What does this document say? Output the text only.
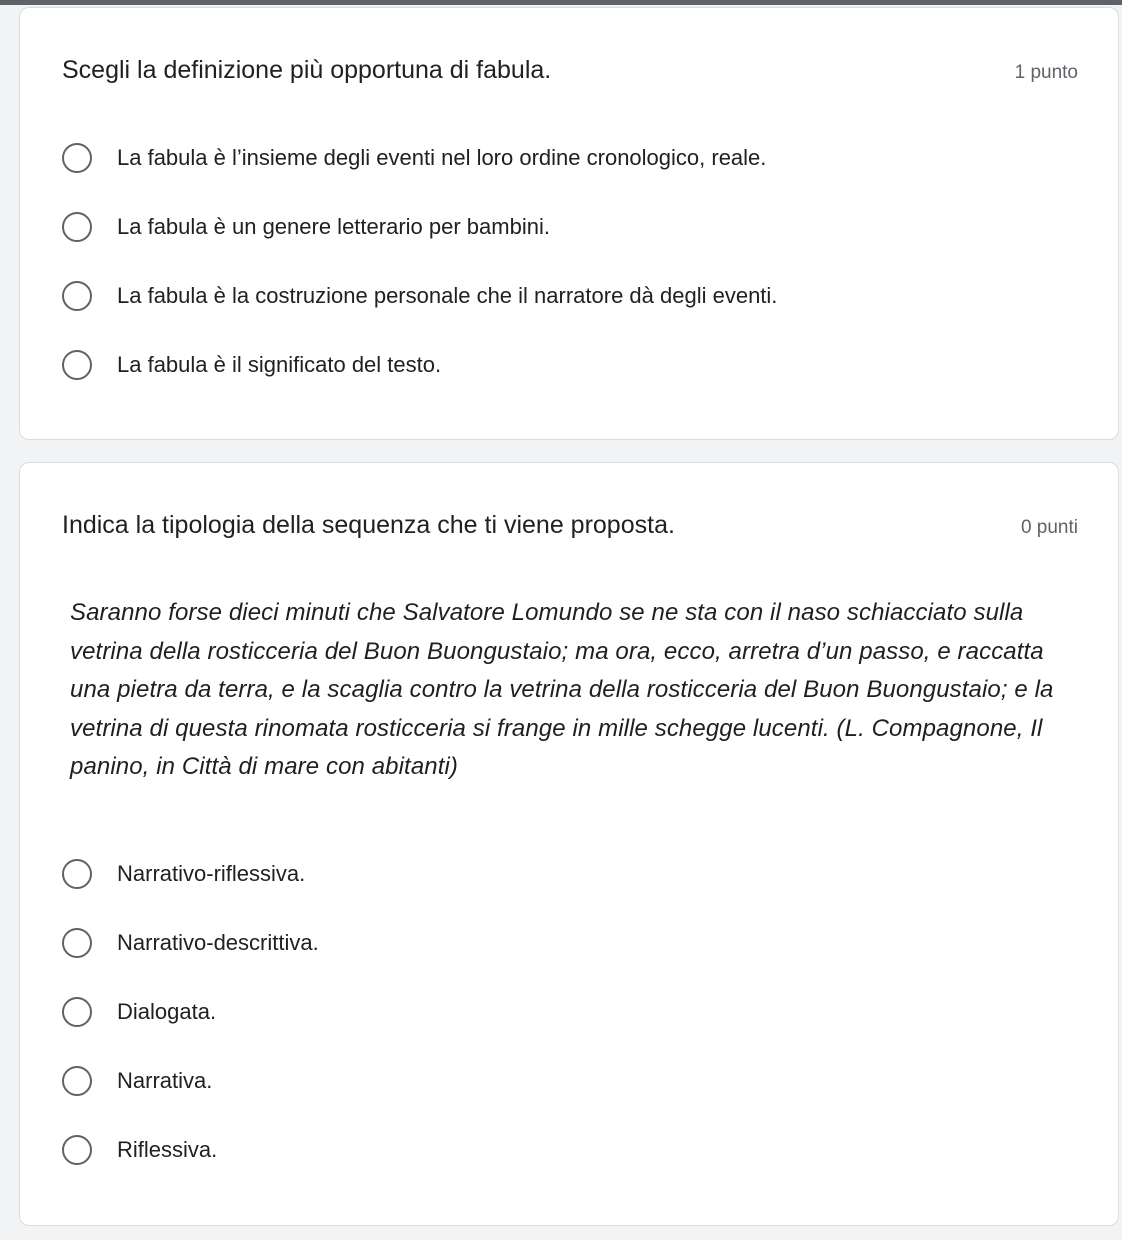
Scegli la definizione più opportuna di fabula.	1 punto
La fabula è l’insieme degli eventi nel loro ordine cronologico, reale.
La fabula è un genere letterario per bambini.
La fabula è la costruzione personale che il narratore dà degli eventi.
La fabula è il significato del testo.
Indica la tipologia della sequenza che ti viene proposta.	0 punti
Saranno forse dieci minuti che Salvatore Lomundo se ne sta con il naso schiacciato sulla vetrina della rosticceria del Buon Buongustaio; ma ora, ecco, arretra d’un passo, e raccatta una pietra da terra, e la scaglia contro la vetrina della rosticceria del Buon Buongustaio; e la vetrina di questa rinomata rosticceria si frange in mille schegge lucenti. (L. Compagnone, Il panino, in Città di mare con abitanti)
Narrativo-riflessiva.
Narrativo-descrittiva.
Dialogata.
Narrativa.
Riflessiva.
